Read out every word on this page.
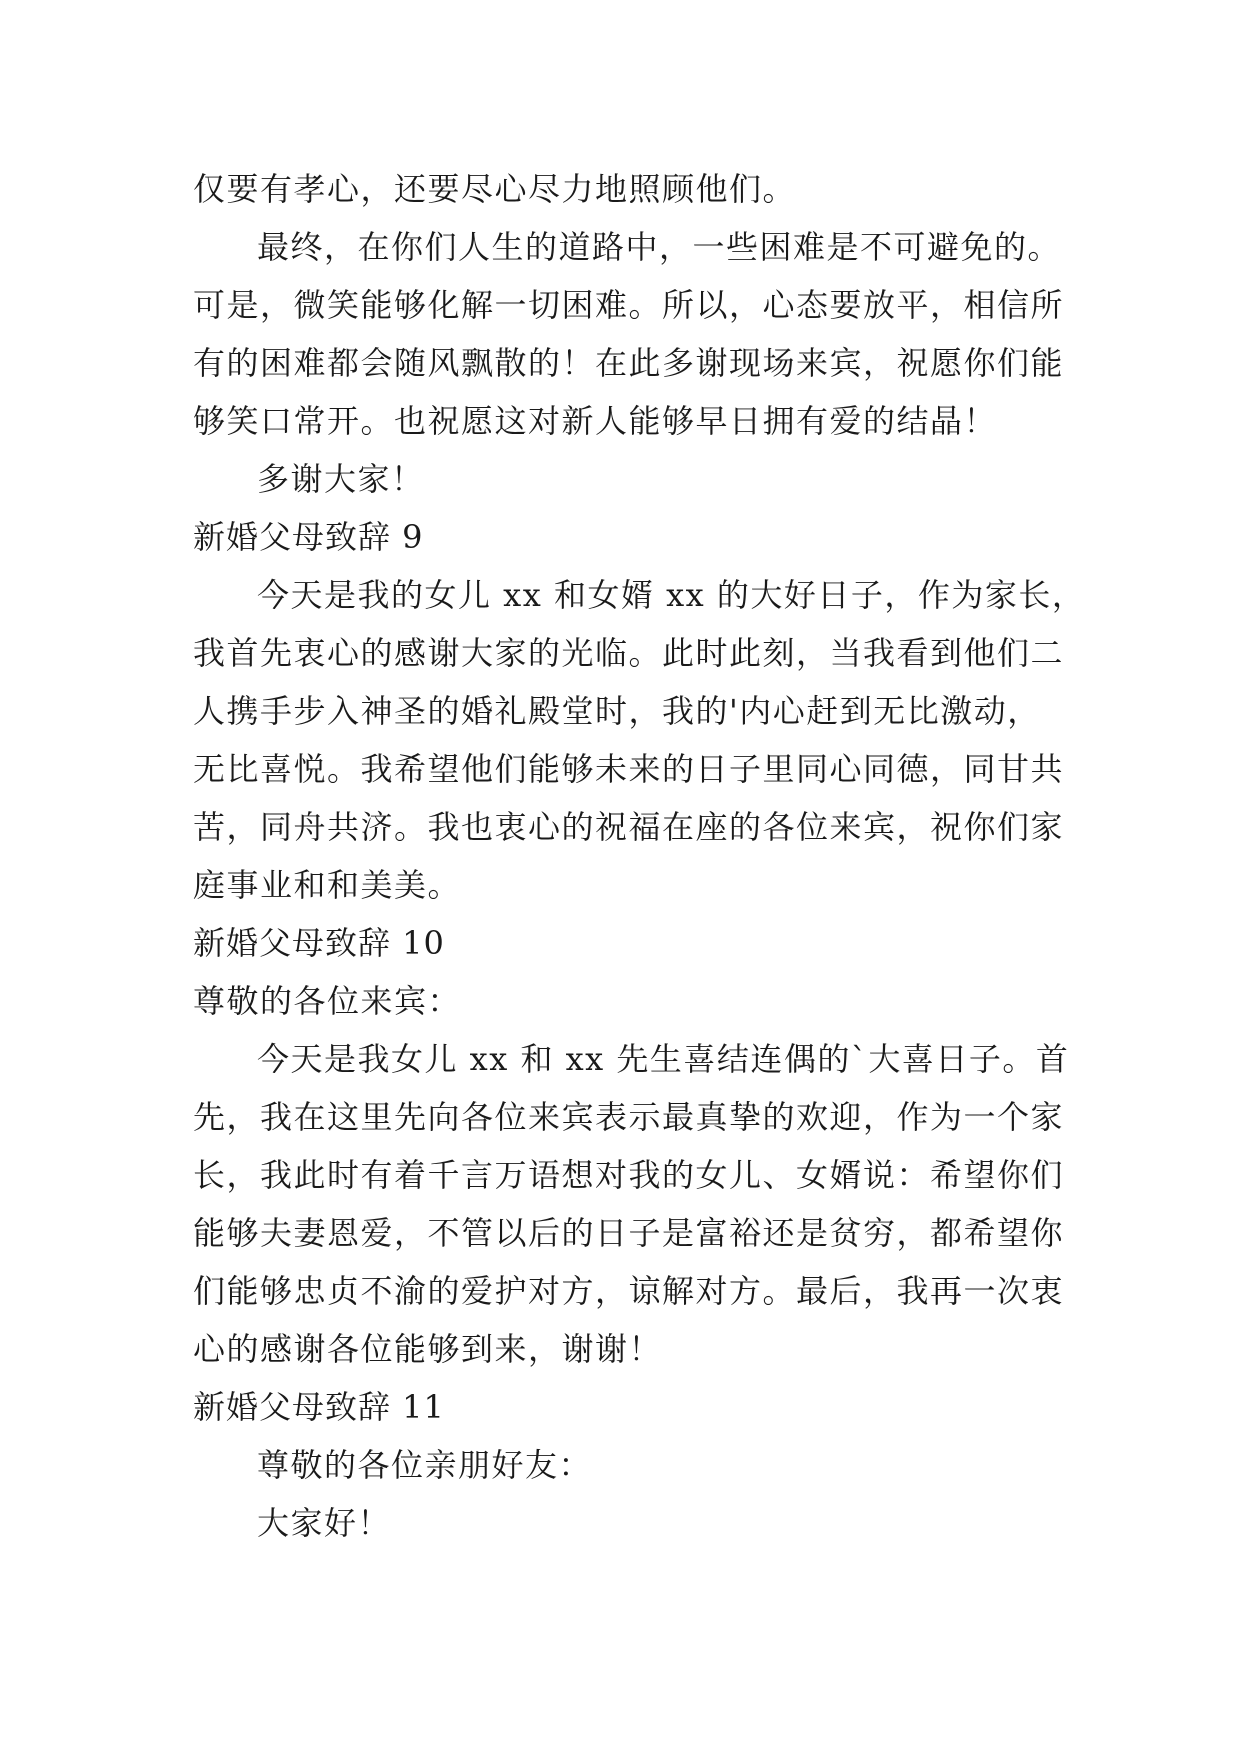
仅要有孝心，还要尽心尽力地照顾他们。
最终，在你们人生的道路中，一些困难是不可避免的。
可是，微笑能够化解一切困难。所以，心态要放平，相信所
有的困难都会随风飘散的！在此多谢现场来宾，祝愿你们能
够笑口常开。也祝愿这对新人能够早日拥有爱的结晶！
多谢大家！
新婚父母致辞 9
今天是我的女儿 xx 和女婿 xx 的大好日子，作为家长，
我首先衷心的感谢大家的光临。此时此刻，当我看到他们二
人携手步入神圣的婚礼殿堂时，我的'内心赶到无比激动，
无比喜悦。我希望他们能够未来的日子里同心同德，同甘共
苦，同舟共济。我也衷心的祝福在座的各位来宾，祝你们家
庭事业和和美美。
新婚父母致辞 10
尊敬的各位来宾：
今天是我女儿 xx 和 xx 先生喜结连偶的`大喜日子。首
先，我在这里先向各位来宾表示最真挚的欢迎，作为一个家
长，我此时有着千言万语想对我的女儿、女婿说：希望你们
能够夫妻恩爱，不管以后的日子是富裕还是贫穷，都希望你
们能够忠贞不渝的爱护对方，谅解对方。最后，我再一次衷
心的感谢各位能够到来，谢谢！
新婚父母致辞 11
尊敬的各位亲朋好友：
大家好！
